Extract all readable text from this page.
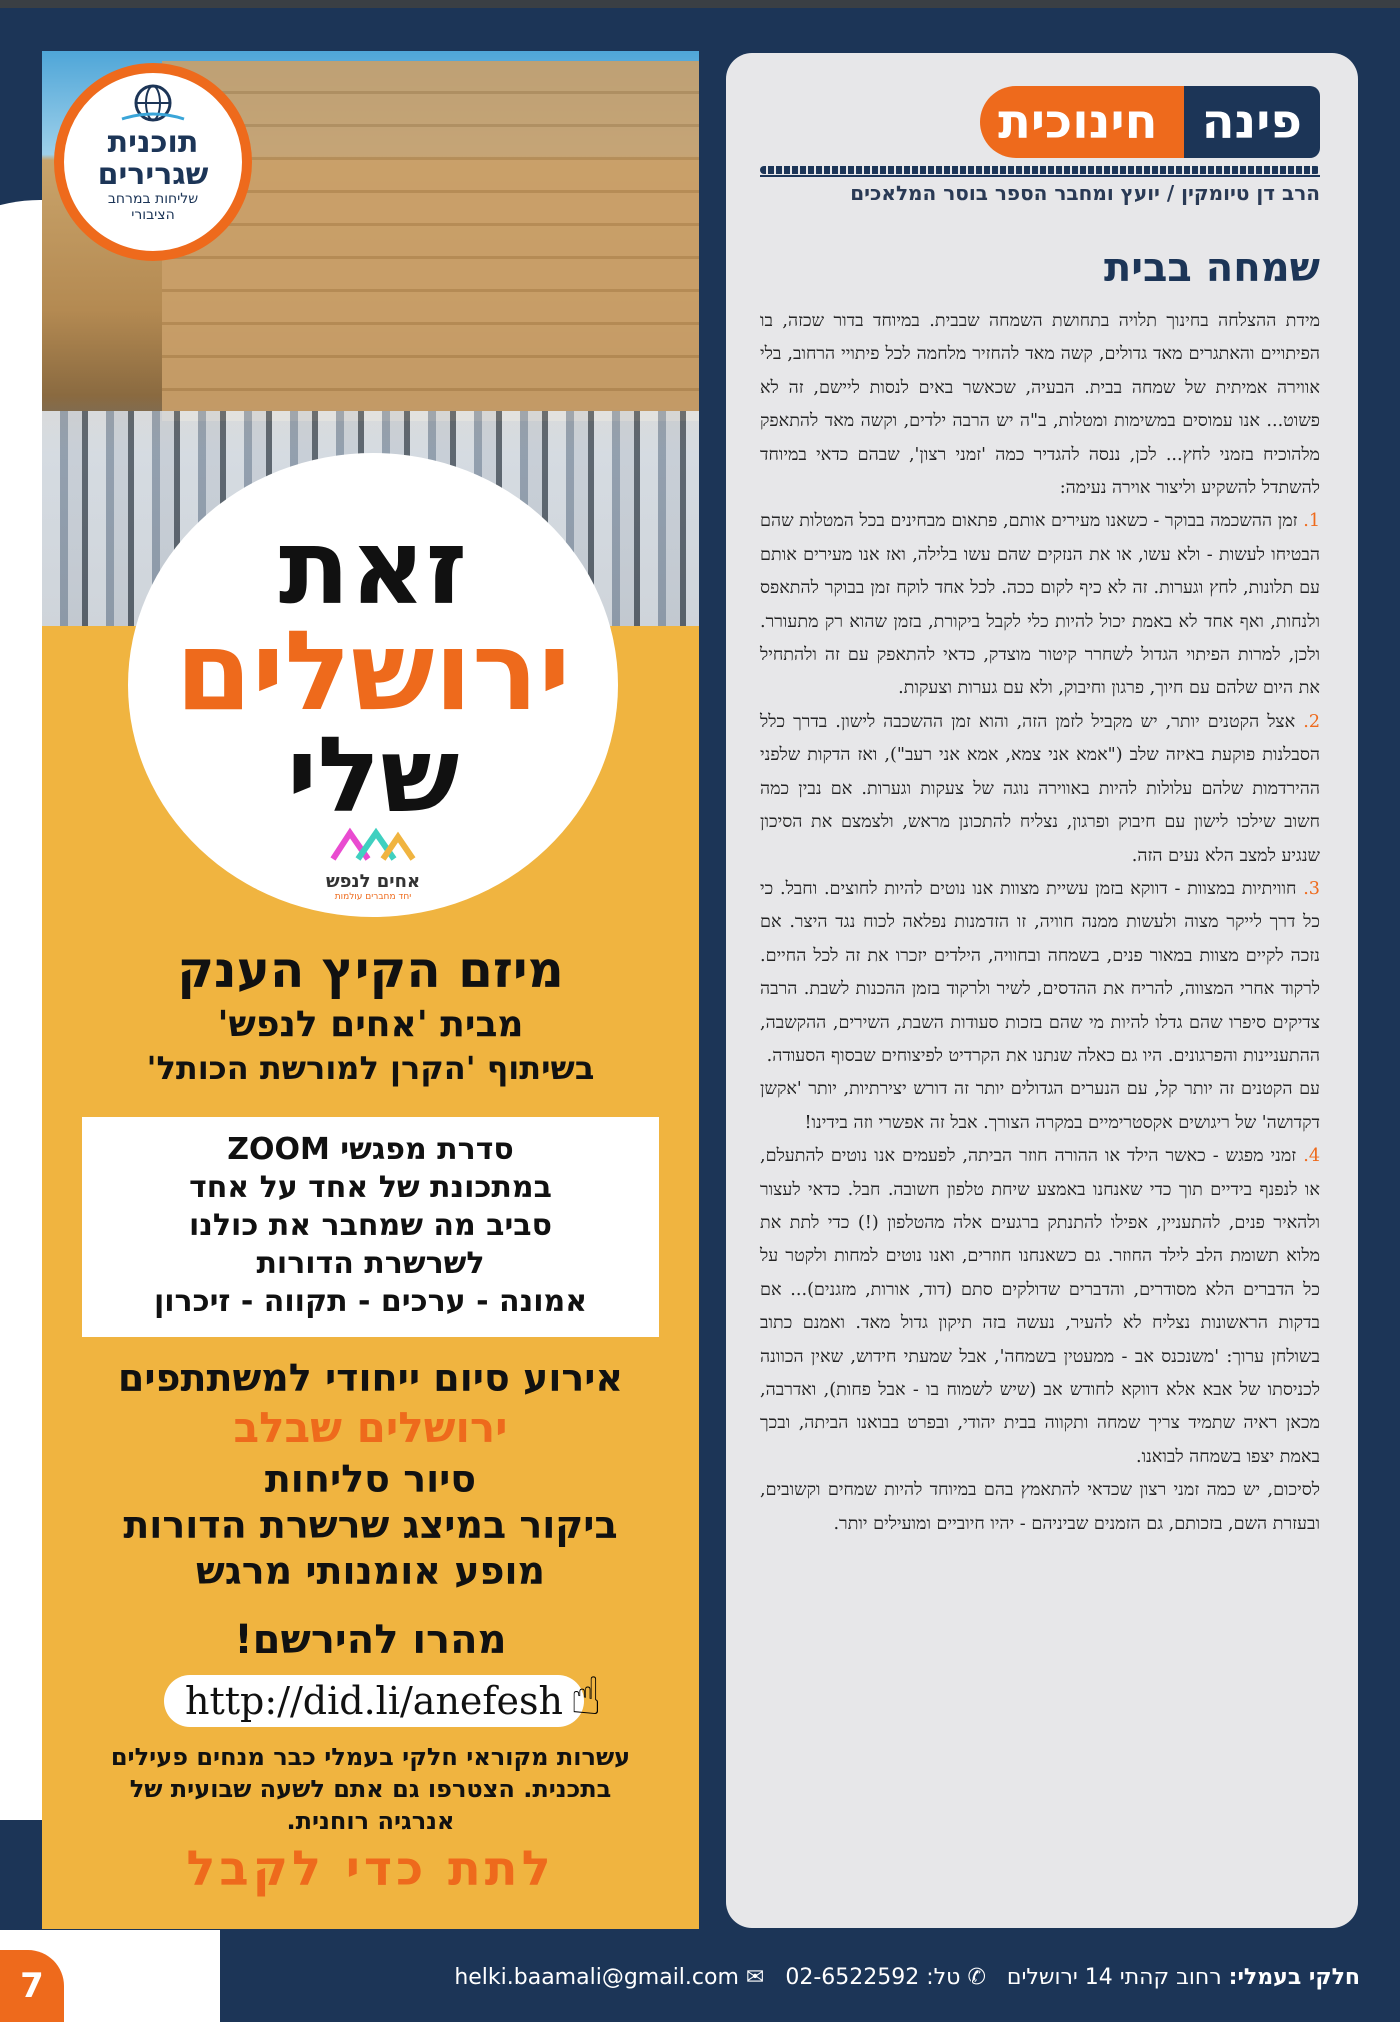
פינה
חינוכית
הרב דן טיומקין / יועץ ומחבר הספר בוסר המלאכים
שמחה בבית

מידת ההצלחה בחינוך תלויה בתחושת השמחה שבבית. במיוחד בדור שכזה, בו הפיתויים והאתגרים מאד גדולים, קשה מאד להחזיר מלחמה לכל פיתויי הרחוב, בלי אווירה אמיתית של שמחה בבית. הבעיה, שכאשר באים לנסות ליישם, זה לא פשוט... אנו עמוסים במשימות ומטלות, ב"ה יש הרבה ילדים, וקשה מאד להתאפק מלהוכיח בזמני לחץ... לכן, ננסה להגדיר כמה 'זמני רצון', שבהם כדאי במיוחד להשתדל להשקיע וליצור אוירה נעימה:

1. זמן ההשכמה בבוקר - כשאנו מעירים אותם, פתאום מבחינים בכל המטלות שהם הבטיחו לעשות - ולא עשו, או את הנזקים שהם עשו בלילה, ואז אנו מעירים אותם עם תלונות, לחץ וגערות. זה לא כיף לקום ככה. לכל אחד לוקח זמן בבוקר להתאפס ולנחות, ואף אחד לא באמת יכול להיות כלי לקבל ביקורת, בזמן שהוא רק מתעורר. ולכן, למרות הפיתוי הגדול לשחרר קיטור מוצדק, כדאי להתאפק עם זה ולהתחיל את היום שלהם עם חיוך, פרגון וחיבוק, ולא עם גערות וצעקות.

2. אצל הקטנים יותר, יש מקביל לזמן הזה, והוא זמן ההשכבה לישון. בדרך כלל הסבלנות פוקעת באיזה שלב ("אמא אני צמא, אמא אני רעב"), ואז הדקות שלפני ההירדמות שלהם עלולות להיות באווירה נוגה של צעקות וגערות. אם נבין כמה חשוב שילכו לישון עם חיבוק ופרגון, נצליח להתכונן מראש, ולצמצם את הסיכון שנגיע למצב הלא נעים הזה.

3. חוויתיות במצוות - דווקא בזמן עשיית מצוות אנו נוטים להיות לחוצים. וחבל. כי כל דרך לייקר מצוה ולעשות ממנה חוויה, זו הזדמנות נפלאה לכוח נגד היצר. אם נזכה לקיים מצוות במאור פנים, בשמחה ובחוויה, הילדים יזכרו את זה לכל החיים. לרקוד אחרי המצווה, להריח את ההדסים, לשיר ולרקוד בזמן ההכנות לשבת. הרבה צדיקים סיפרו שהם גדלו להיות מי שהם בזכות סעודות השבת, השירים, ההקשבה, ההתעניינות והפרגונים. היו גם כאלה שנתנו את הקרדיט לפיצוחים שבסוף הסעודה.

עם הקטנים זה יותר קל, עם הנערים הגדולים יותר זה דורש יצירתיות, יותר 'אקשן דקדושה' של ריגושים אקסטרימיים במקרה הצורך. אבל זה אפשרי וזה בידינו!

4. זמני מפגש - כאשר הילד או ההורה חוזר הביתה, לפעמים אנו נוטים להתעלם, או לנפנף בידיים תוך כדי שאנחנו באמצע שיחת טלפון חשובה. חבל. כדאי לעצור ולהאיר פנים, להתעניין, אפילו להתנתק ברגעים אלה מהטלפון (!) כדי לתת את מלוא תשומת הלב לילד החוזר. גם כשאנחנו חוזרים, ואנו נוטים למחות ולקטר על כל הדברים הלא מסודרים, והדברים שדולקים סתם (דוד, אורות, מזגנים)... אם בדקות הראשונות נצליח לא להעיר, נעשה בזה תיקון גדול מאד. ואמנם כתוב בשולחן ערוך: 'משנכנס אב - ממעטין בשמחה', אבל שמעתי חידוש, שאין הכוונה לכניסתו של אבא אלא דווקא לחודש אב (שיש לשמוח בו - אבל פחות), ואדרבה, מכאן ראיה שתמיד צריך שמחה ותקווה בבית יהודי, ובפרט בבואנו הביתה, ובכך באמת יצפו בשמחה לבואנו.

לסיכום, יש כמה זמני רצון שכדאי להתאמץ בהם במיוחד להיות שמחים וקשובים, ובעזרת השם, בזכותם, גם הזמנים שביניהם - יהיו חיוביים ומועילים יותר.

תוכנית
שגרירים
שליחות במרחב
הציבורי
זאת
ירושלים
שלי
אחים לנפש
יחד מחברים עולמות
מיזם הקיץ הענק
מבית 'אחים לנפש'
בשיתוף 'הקרן למורשת הכותל'
סדרת מפגשי ZOOM
במתכונת של אחד על אחד
סביב מה שמחבר את כולנו
לשרשרת הדורות
אמונה - ערכים - תקווה - זיכרון
אירוע סיום ייחודי למשתתפים
ירושלים שבלב
סיור סליחות
ביקור במיצג שרשרת הדורות
מופע אומנותי מרגש
מהרו להירשם!
http://did.li/anefesh ☝
עשרות מקוראי חלקי בעמלי כבר מנחים פעילים בתכנית. הצטרפו גם אתם לשעה שבועית של אנרגיה רוחנית.
לתת כדי לקבל
7	חלקי בעמלי: רחוב קהתי 14 ירושלים   ✆ טל: 02-6522592   ✉ helki.baamali@gmail.com
